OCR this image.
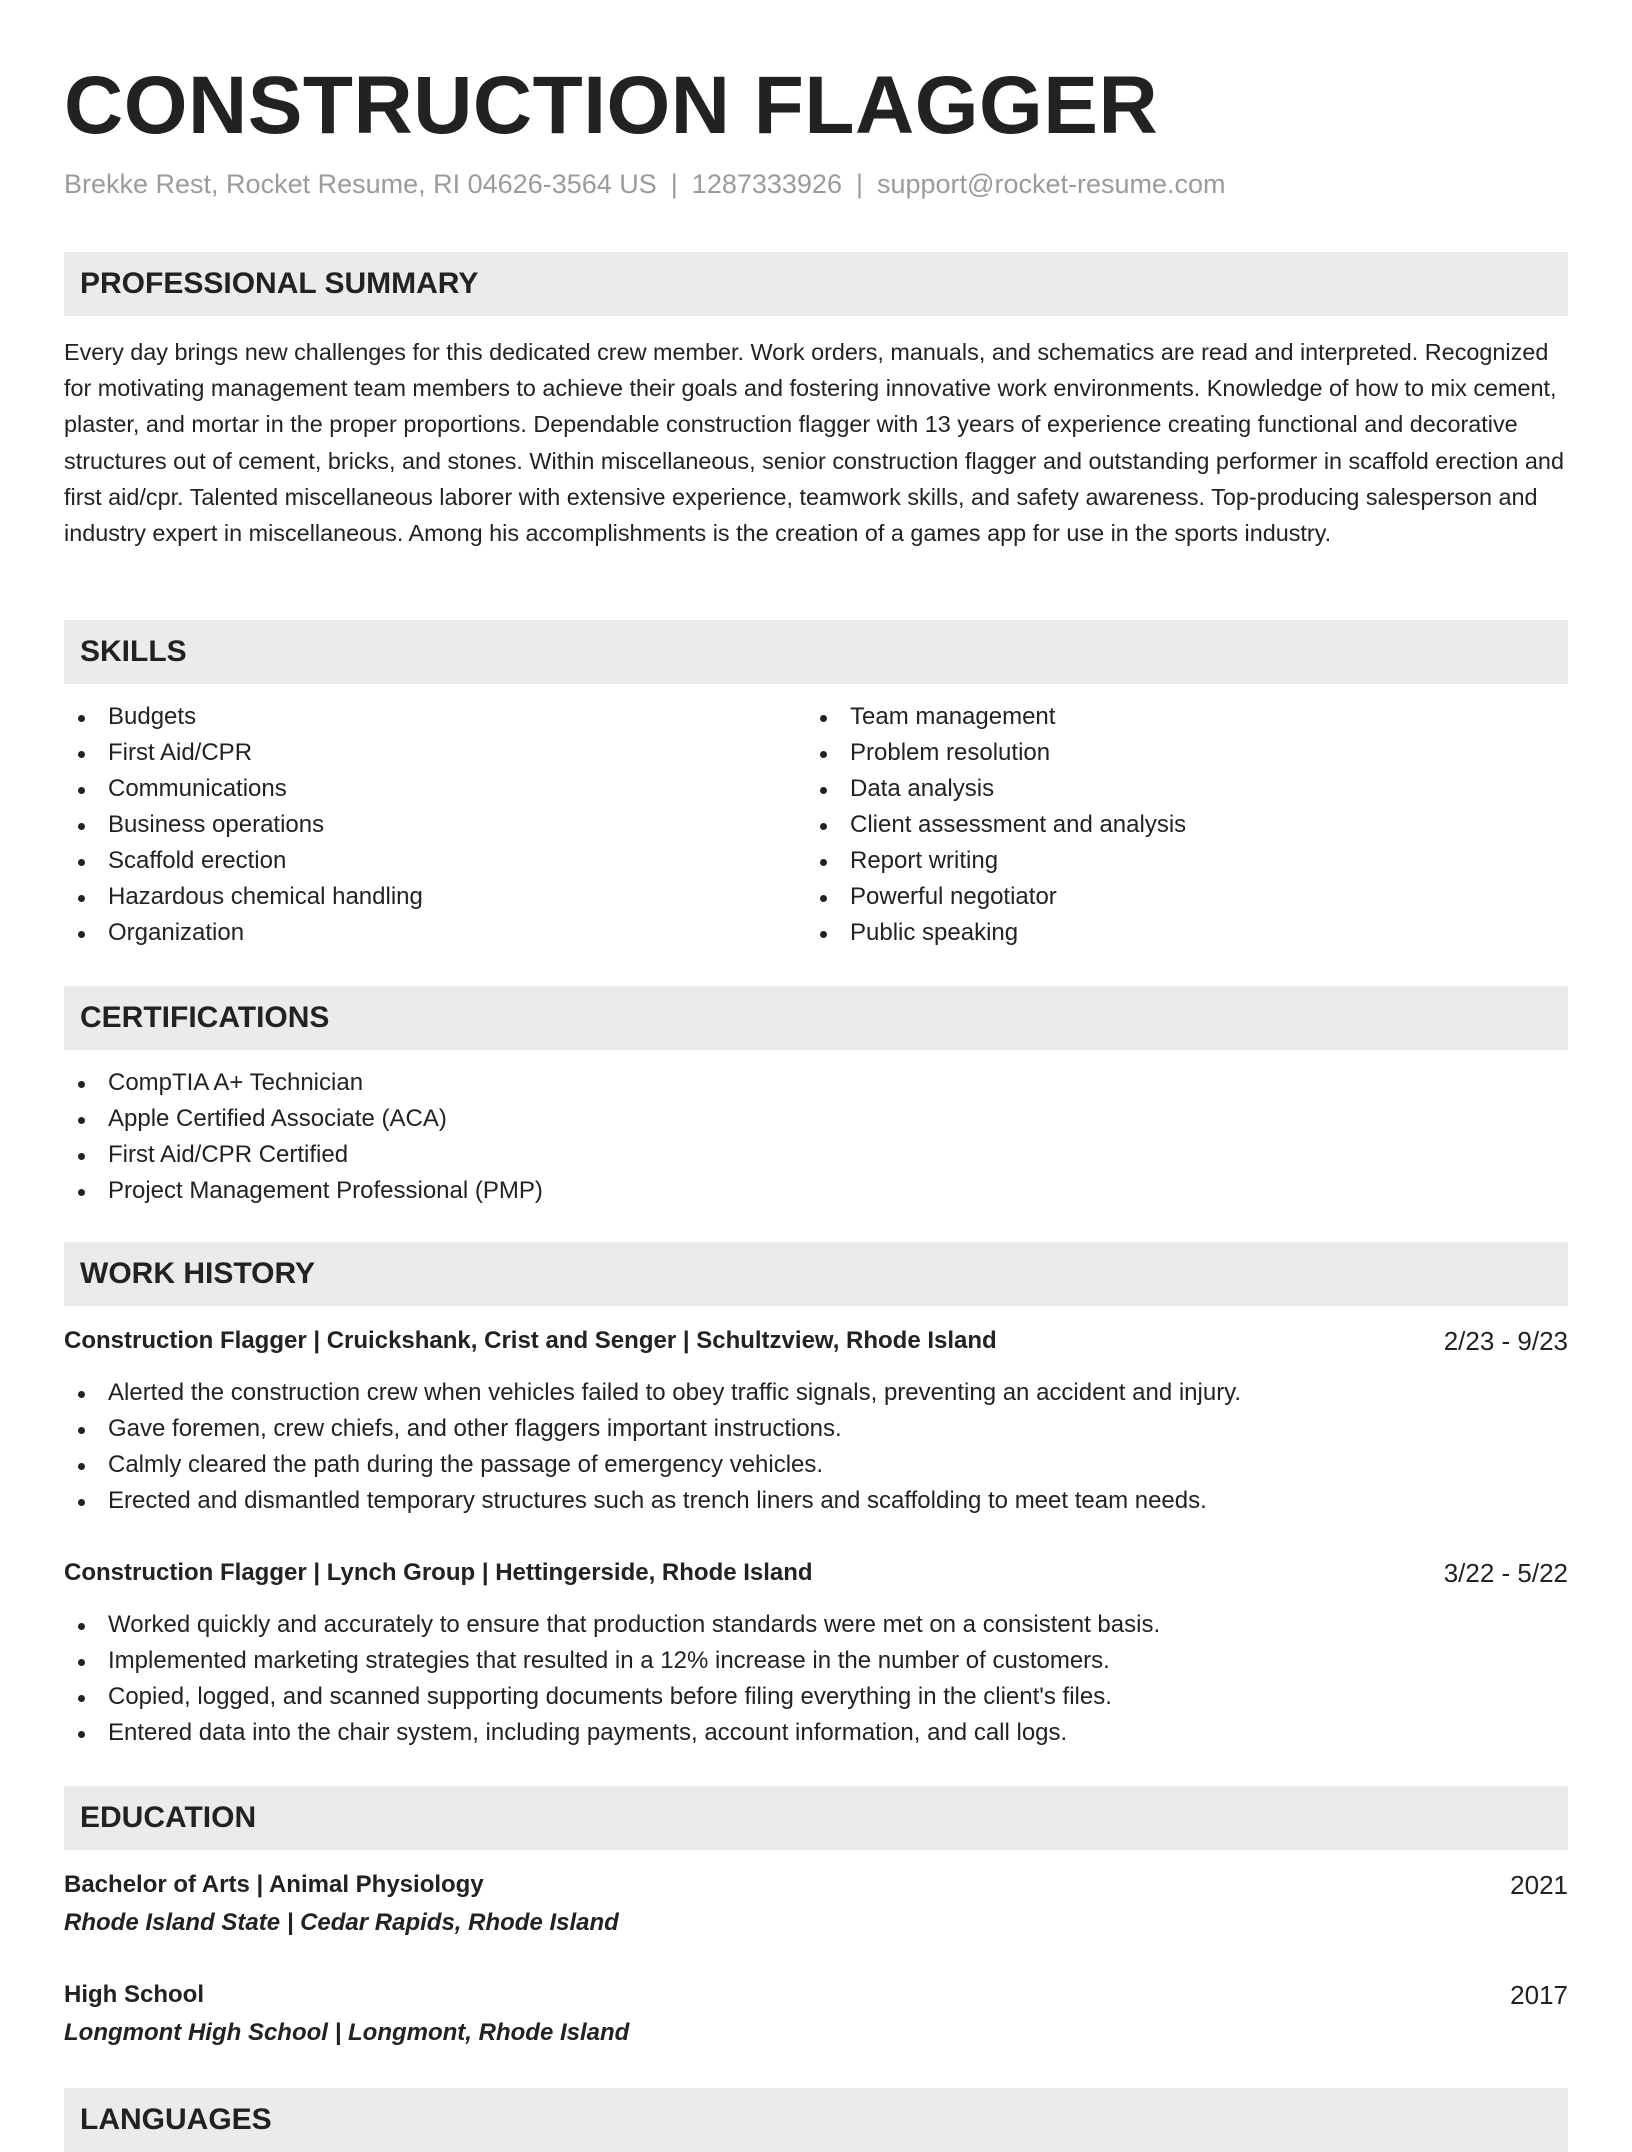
CONSTRUCTION FLAGGER
Brekke Rest, Rocket Resume, RI 04626-3564 US | 1287333926 | support@rocket-resume.com
PROFESSIONAL SUMMARY

Every day brings new challenges for this dedicated crew member. Work orders, manuals, and schematics are read and interpreted. Recognized for motivating management team members to achieve their goals and fostering innovative work environments. Knowledge of how to mix cement, plaster, and mortar in the proper proportions. Dependable construction flagger with 13 years of experience creating functional and decorative structures out of cement, bricks, and stones. Within miscellaneous, senior construction flagger and outstanding performer in scaffold erection and first aid/cpr. Talented miscellaneous laborer with extensive experience, teamwork skills, and safety awareness. Top-producing salesperson and industry expert in miscellaneous. Among his accomplishments is the creation of a games app for use in the sports industry.

SKILLS
Budgets
First Aid/CPR
Communications
Business operations
Scaffold erection
Hazardous chemical handling
Organization
Team management
Problem resolution
Data analysis
Client assessment and analysis
Report writing
Powerful negotiator
Public speaking
CERTIFICATIONS
CompTIA A+ Technician
Apple Certified Associate (ACA)
First Aid/CPR Certified
Project Management Professional (PMP)
WORK HISTORY
Construction Flagger | Cruickshank, Crist and Senger | Schultzview, Rhode Island	2/23 - 9/23
Alerted the construction crew when vehicles failed to obey traffic signals, preventing an accident and injury.
Gave foremen, crew chiefs, and other flaggers important instructions.
Calmly cleared the path during the passage of emergency vehicles.
Erected and dismantled temporary structures such as trench liners and scaffolding to meet team needs.
Construction Flagger | Lynch Group | Hettingerside, Rhode Island	3/22 - 5/22
Worked quickly and accurately to ensure that production standards were met on a consistent basis.
Implemented marketing strategies that resulted in a 12% increase in the number of customers.
Copied, logged, and scanned supporting documents before filing everything in the client's files.
Entered data into the chair system, including payments, account information, and call logs.
EDUCATION
Bachelor of Arts | Animal Physiology	2021
Rhode Island State | Cedar Rapids, Rhode Island
High School	2017
Longmont High School | Longmont, Rhode Island
LANGUAGES
